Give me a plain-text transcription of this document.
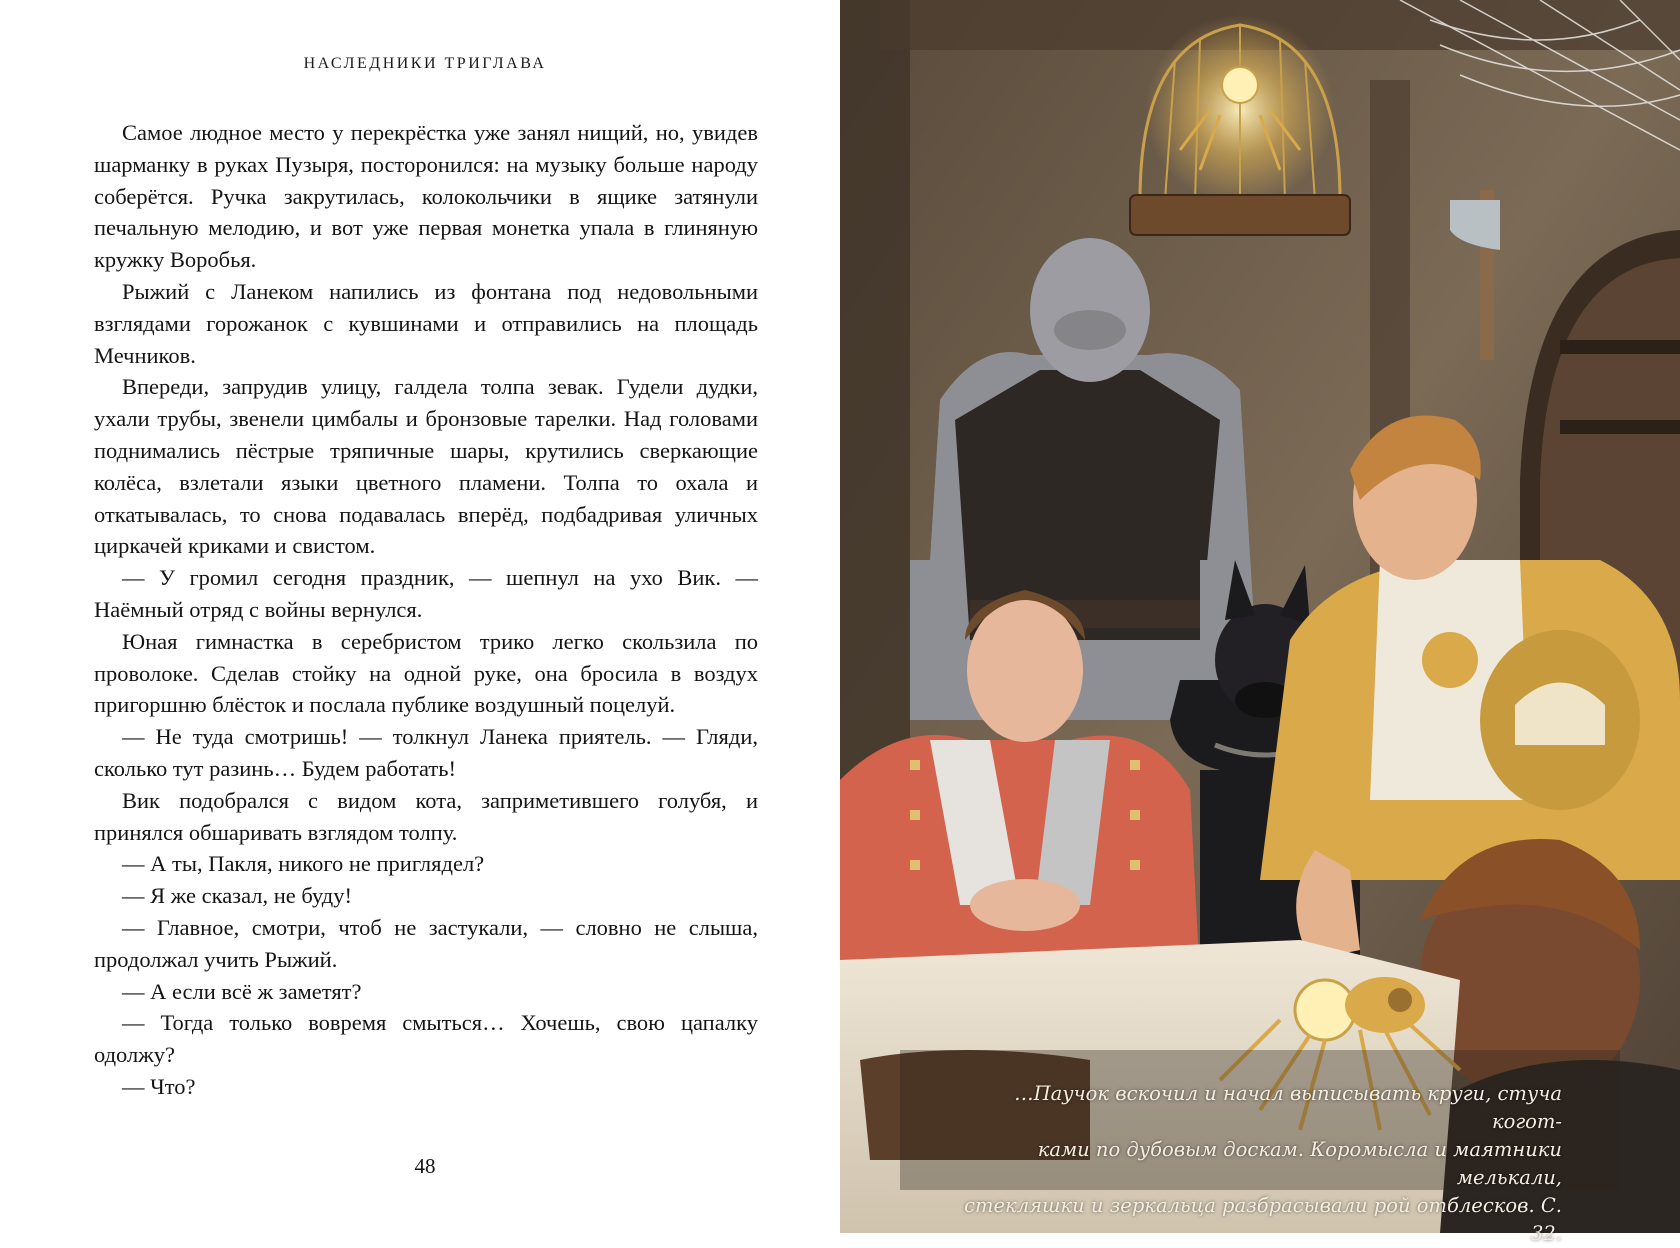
НАСЛЕДНИКИ ТРИГЛАВА

Самое людное место у перекрёстка уже занял нищий, но, увидев шарманку в руках Пузыря, посторонился: на музыку больше народу соберётся. Ручка закрутилась, колокольчики в ящике затянули печальную мелодию, и вот уже первая монетка упала в глиняную кружку Воробья.

Рыжий с Ланеком напились из фонтана под недовольными взглядами горожанок с кувшинами и отправились на площадь Мечников.

Впереди, запрудив улицу, галдела толпа зевак. Гудели дудки, ухали трубы, звенели цимбалы и бронзовые тарелки. Над головами поднимались пёстрые тряпичные шары, крутились сверкающие колёса, взлетали языки цветного пламени. Толпа то охала и откатывалась, то снова подавалась вперёд, подбадривая уличных циркачей криками и свистом.

— У громил сегодня праздник, — шепнул на ухо Вик. — Наёмный отряд с войны вернулся.

Юная гимнастка в серебристом трико легко скользила по проволоке. Сделав стойку на одной руке, она бросила в воздух пригоршню блёсток и послала публике воздушный поцелуй.

— Не туда смотришь! — толкнул Ланека приятель. — Гляди, сколько тут разинь… Будем работать!

Вик подобрался с видом кота, заприметившего голубя, и принялся обшаривать взглядом толпу.

— А ты, Пакля, никого не приглядел?

— Я же сказал, не буду!

— Главное, смотри, чтоб не застукали, — словно не слыша, продолжал учить Рыжий.

— А если всё ж заметят?

— Тогда только вовремя смыться… Хочешь, свою цапалку одолжу?

— Что?

48
…Паучок вскочил и начал выписывать круги, стуча когот-
ками по дубовым доскам. Коромысла и маятники мелькали,
стекляшки и зеркальца разбрасывали рой отблесков. С. 32.
